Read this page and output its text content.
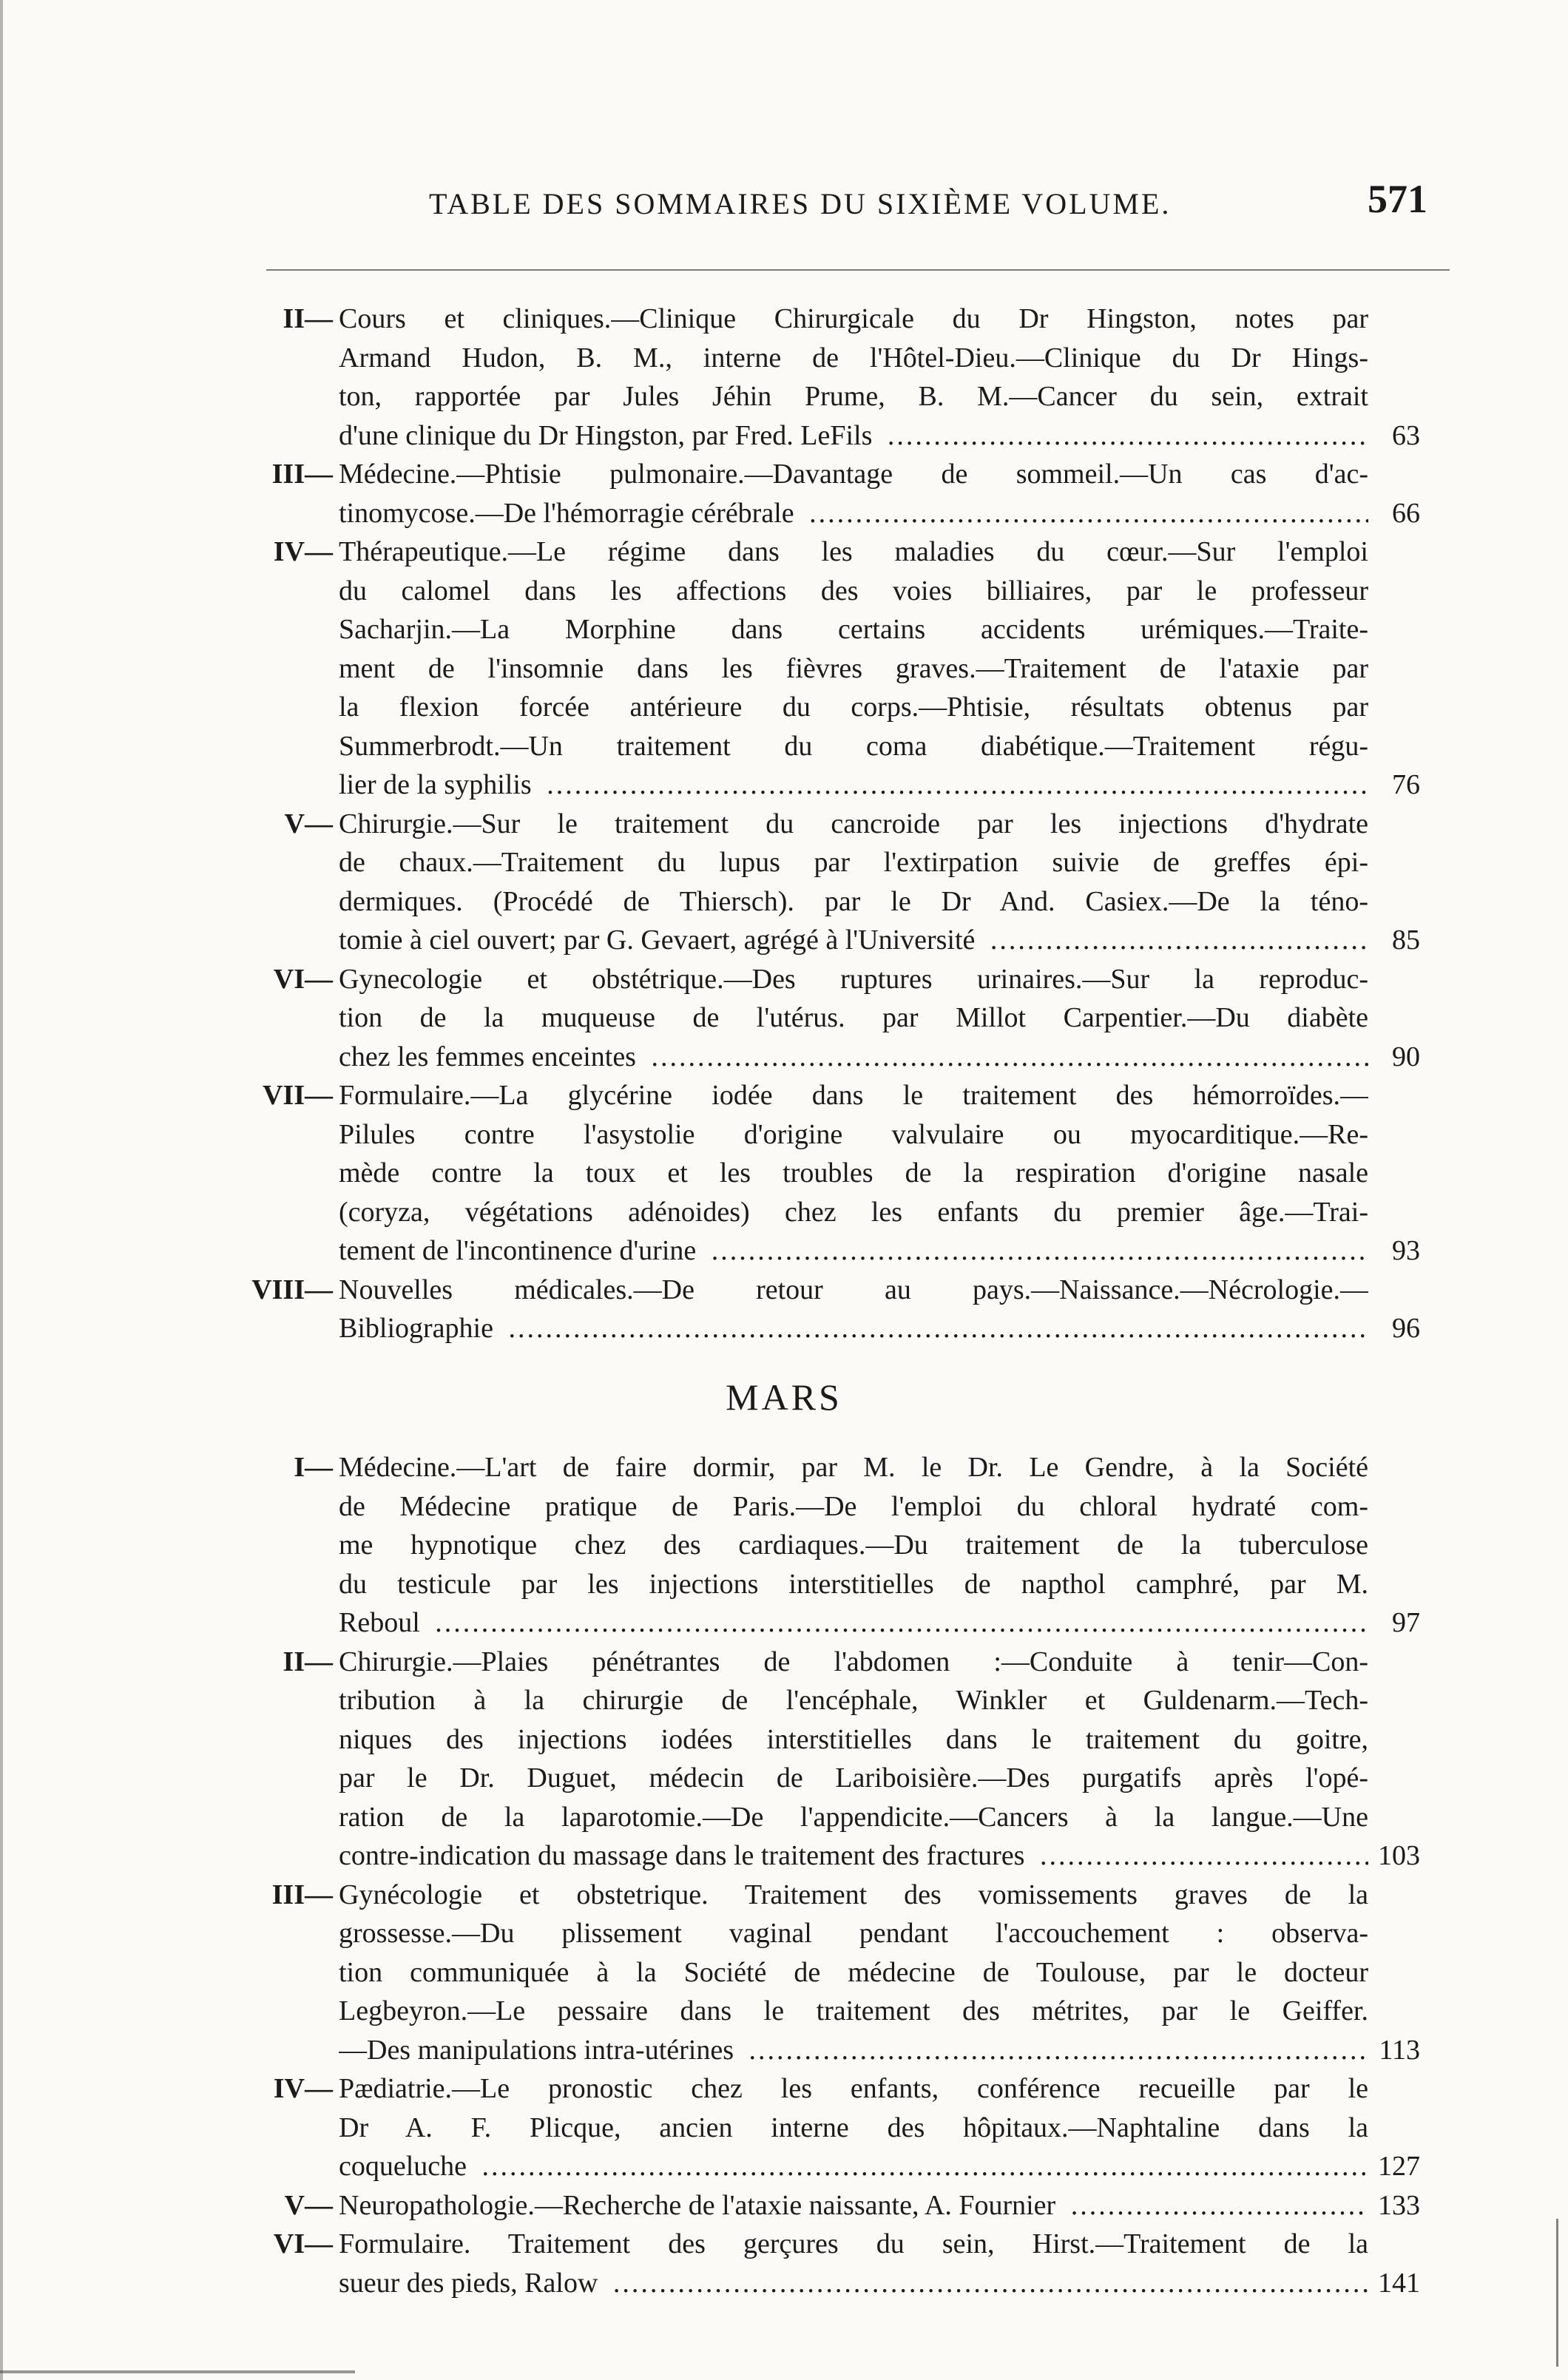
TABLE DES SOMMAIRES DU SIXIÈME VOLUME.	571
II— Cours et cliniques.—Clinique Chirurgicale du Dr Hingston, notes par
Armand Hudon, B. M., interne de l'Hôtel-Dieu.—Clinique du Dr Hings-
ton, rapportée par Jules Jéhin Prume, B. M.—Cancer du sein, extrait
d'une clinique du Dr Hingston, par Fred. LeFils .....	63
III— Médecine.—Phtisie pulmonaire.—Davantage de sommeil.—Un cas d'ac-
tinomycose.—De l'hémorragie cérébrale .....	66
IV— Thérapeutique.—Le régime dans les maladies du cœur.—Sur l'emploi
du calomel dans les affections des voies billiaires, par le professeur
Sacharjin.—La Morphine dans certains accidents urémiques.—Traite-
ment de l'insomnie dans les fièvres graves.—Traitement de l'ataxie par
la flexion forcée antérieure du corps.—Phtisie, résultats obtenus par
Summerbrodt.—Un traitement du coma diabétique.—Traitement régu-
lier de la syphilis .....	76
V— Chirurgie.—Sur le traitement du cancroide par les injections d'hydrate
de chaux.—Traitement du lupus par l'extirpation suivie de greffes épi-
dermiques. (Procédé de Thiersch). par le Dr And. Casiex.—De la téno-
tomie à ciel ouvert; par G. Gevaert, agrégé à l'Université .....	85
VI— Gynecologie et obstétrique.—Des ruptures urinaires.—Sur la reproduc-
tion de la muqueuse de l'utérus. par Millot Carpentier.—Du diabète
chez les femmes enceintes .....	90
VII— Formulaire.—La glycérine iodée dans le traitement des hémorroïdes.—
Pilules contre l'asystolie d'origine valvulaire ou myocarditique.—Re-
mède contre la toux et les troubles de la respiration d'origine nasale
(coryza, végétations adénoides) chez les enfants du premier âge.—Trai-
tement de l'incontinence d'urine .....	93
VIII— Nouvelles médicales.—De retour au pays.—Naissance.—Nécrologie.—
Bibliographie .....	96
MARS
I— Médecine.—L'art de faire dormir, par M. le Dr. Le Gendre, à la Société
de Médecine pratique de Paris.—De l'emploi du chloral hydraté com-
me hypnotique chez des cardiaques.—Du traitement de la tuberculose
du testicule par les injections interstitielles de napthol camphré, par M.
Reboul .....	97
II— Chirurgie.—Plaies pénétrantes de l'abdomen :—Conduite à tenir—Con-
tribution à la chirurgie de l'encéphale, Winkler et Guldenarm.—Tech-
niques des injections iodées interstitielles dans le traitement du goitre,
par le Dr. Duguet, médecin de Lariboisière.—Des purgatifs après l'opé-
ration de la laparotomie.—De l'appendicite.—Cancers à la langue.—Une
contre-indication du massage dans le traitement des fractures .....	103
III— Gynécologie et obstetrique. Traitement des vomissements graves de la
grossesse.—Du plissement vaginal pendant l'accouchement : observa-
tion communiquée à la Société de médecine de Toulouse, par le docteur
Legbeyron.—Le pessaire dans le traitement des métrites, par le Geiffer.
—Des manipulations intra-utérines .....	113
IV— Pædiatrie.—Le pronostic chez les enfants, conférence recueille par le
Dr A. F. Plicque, ancien interne des hôpitaux.—Naphtaline dans la
coqueluche .....	127
V— Neuropathologie.—Recherche de l'ataxie naissante, A. Fournier .....	133
VI— Formulaire. Traitement des gerçures du sein, Hirst.—Traitement de la
sueur des pieds, Ralow .....	141
